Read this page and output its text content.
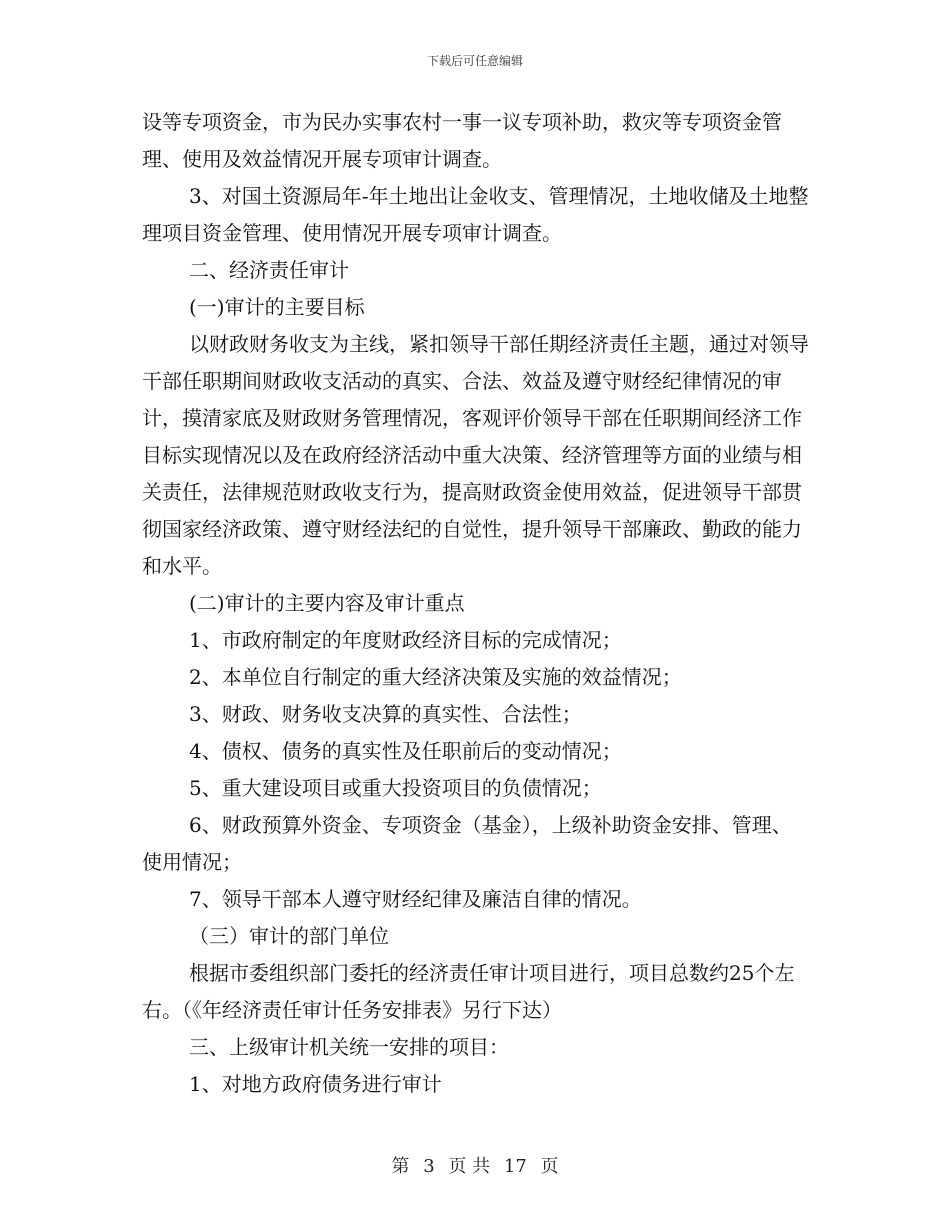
下载后可任意编辑

设等专项资金，市为民办实事农村一事一议专项补助，救灾等专项资金管理、使用及效益情况开展专项审计调查。

3、对国土资源局年-年土地出让金收支、管理情况，土地收储及土地整理项目资金管理、使用情况开展专项审计调查。

二、经济责任审计

(一)审计的主要目标

以财政财务收支为主线，紧扣领导干部任期经济责任主题，通过对领导干部任职期间财政收支活动的真实、合法、效益及遵守财经纪律情况的审计，摸清家底及财政财务管理情况，客观评价领导干部在任职期间经济工作目标实现情况以及在政府经济活动中重大决策、经济管理等方面的业绩与相关责任，法律规范财政收支行为，提高财政资金使用效益，促进领导干部贯彻国家经济政策、遵守财经法纪的自觉性，提升领导干部廉政、勤政的能力和水平。

(二)审计的主要内容及审计重点

1、市政府制定的年度财政经济目标的完成情况；

2、本单位自行制定的重大经济决策及实施的效益情况；

3、财政、财务收支决算的真实性、合法性；

4、债权、债务的真实性及任职前后的变动情况；

5、重大建设项目或重大投资项目的负债情况；

6、财政预算外资金、专项资金（基金），上级补助资金安排、管理、使用情况；

7、领导干部本人遵守财经纪律及廉洁自律的情况。

（三）审计的部门单位

根据市委组织部门委托的经济责任审计项目进行，项目总数约25个左右。（《年经济责任审计任务安排表》另行下达）

三、上级审计机关统一安排的项目：

1、对地方政府债务进行审计

第 3 页 共 17 页
